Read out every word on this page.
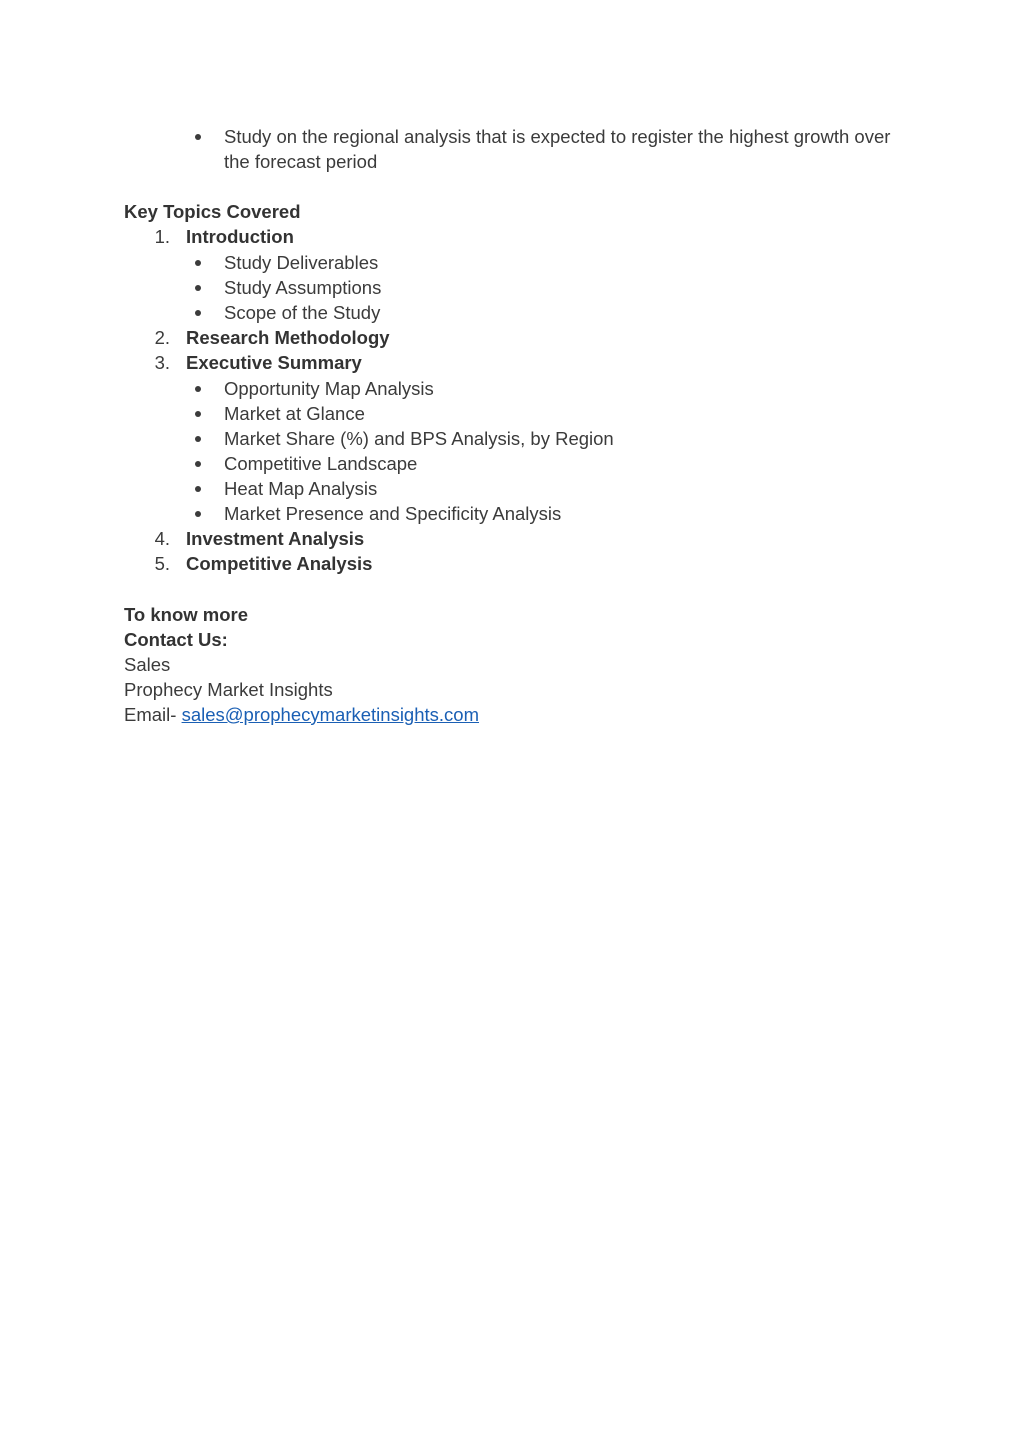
Study on the regional analysis that is expected to register the highest growth over
the forecast period
Key Topics Covered
1. Introduction
Study Deliverables
Study Assumptions
Scope of the Study
2. Research Methodology
3. Executive Summary
Opportunity Map Analysis
Market at Glance
Market Share (%) and BPS Analysis, by Region
Competitive Landscape
Heat Map Analysis
Market Presence and Specificity Analysis
4. Investment Analysis
5. Competitive Analysis
To know more
Contact Us:
Sales
Prophecy Market Insights
Email- sales@prophecymarketinsights.com
